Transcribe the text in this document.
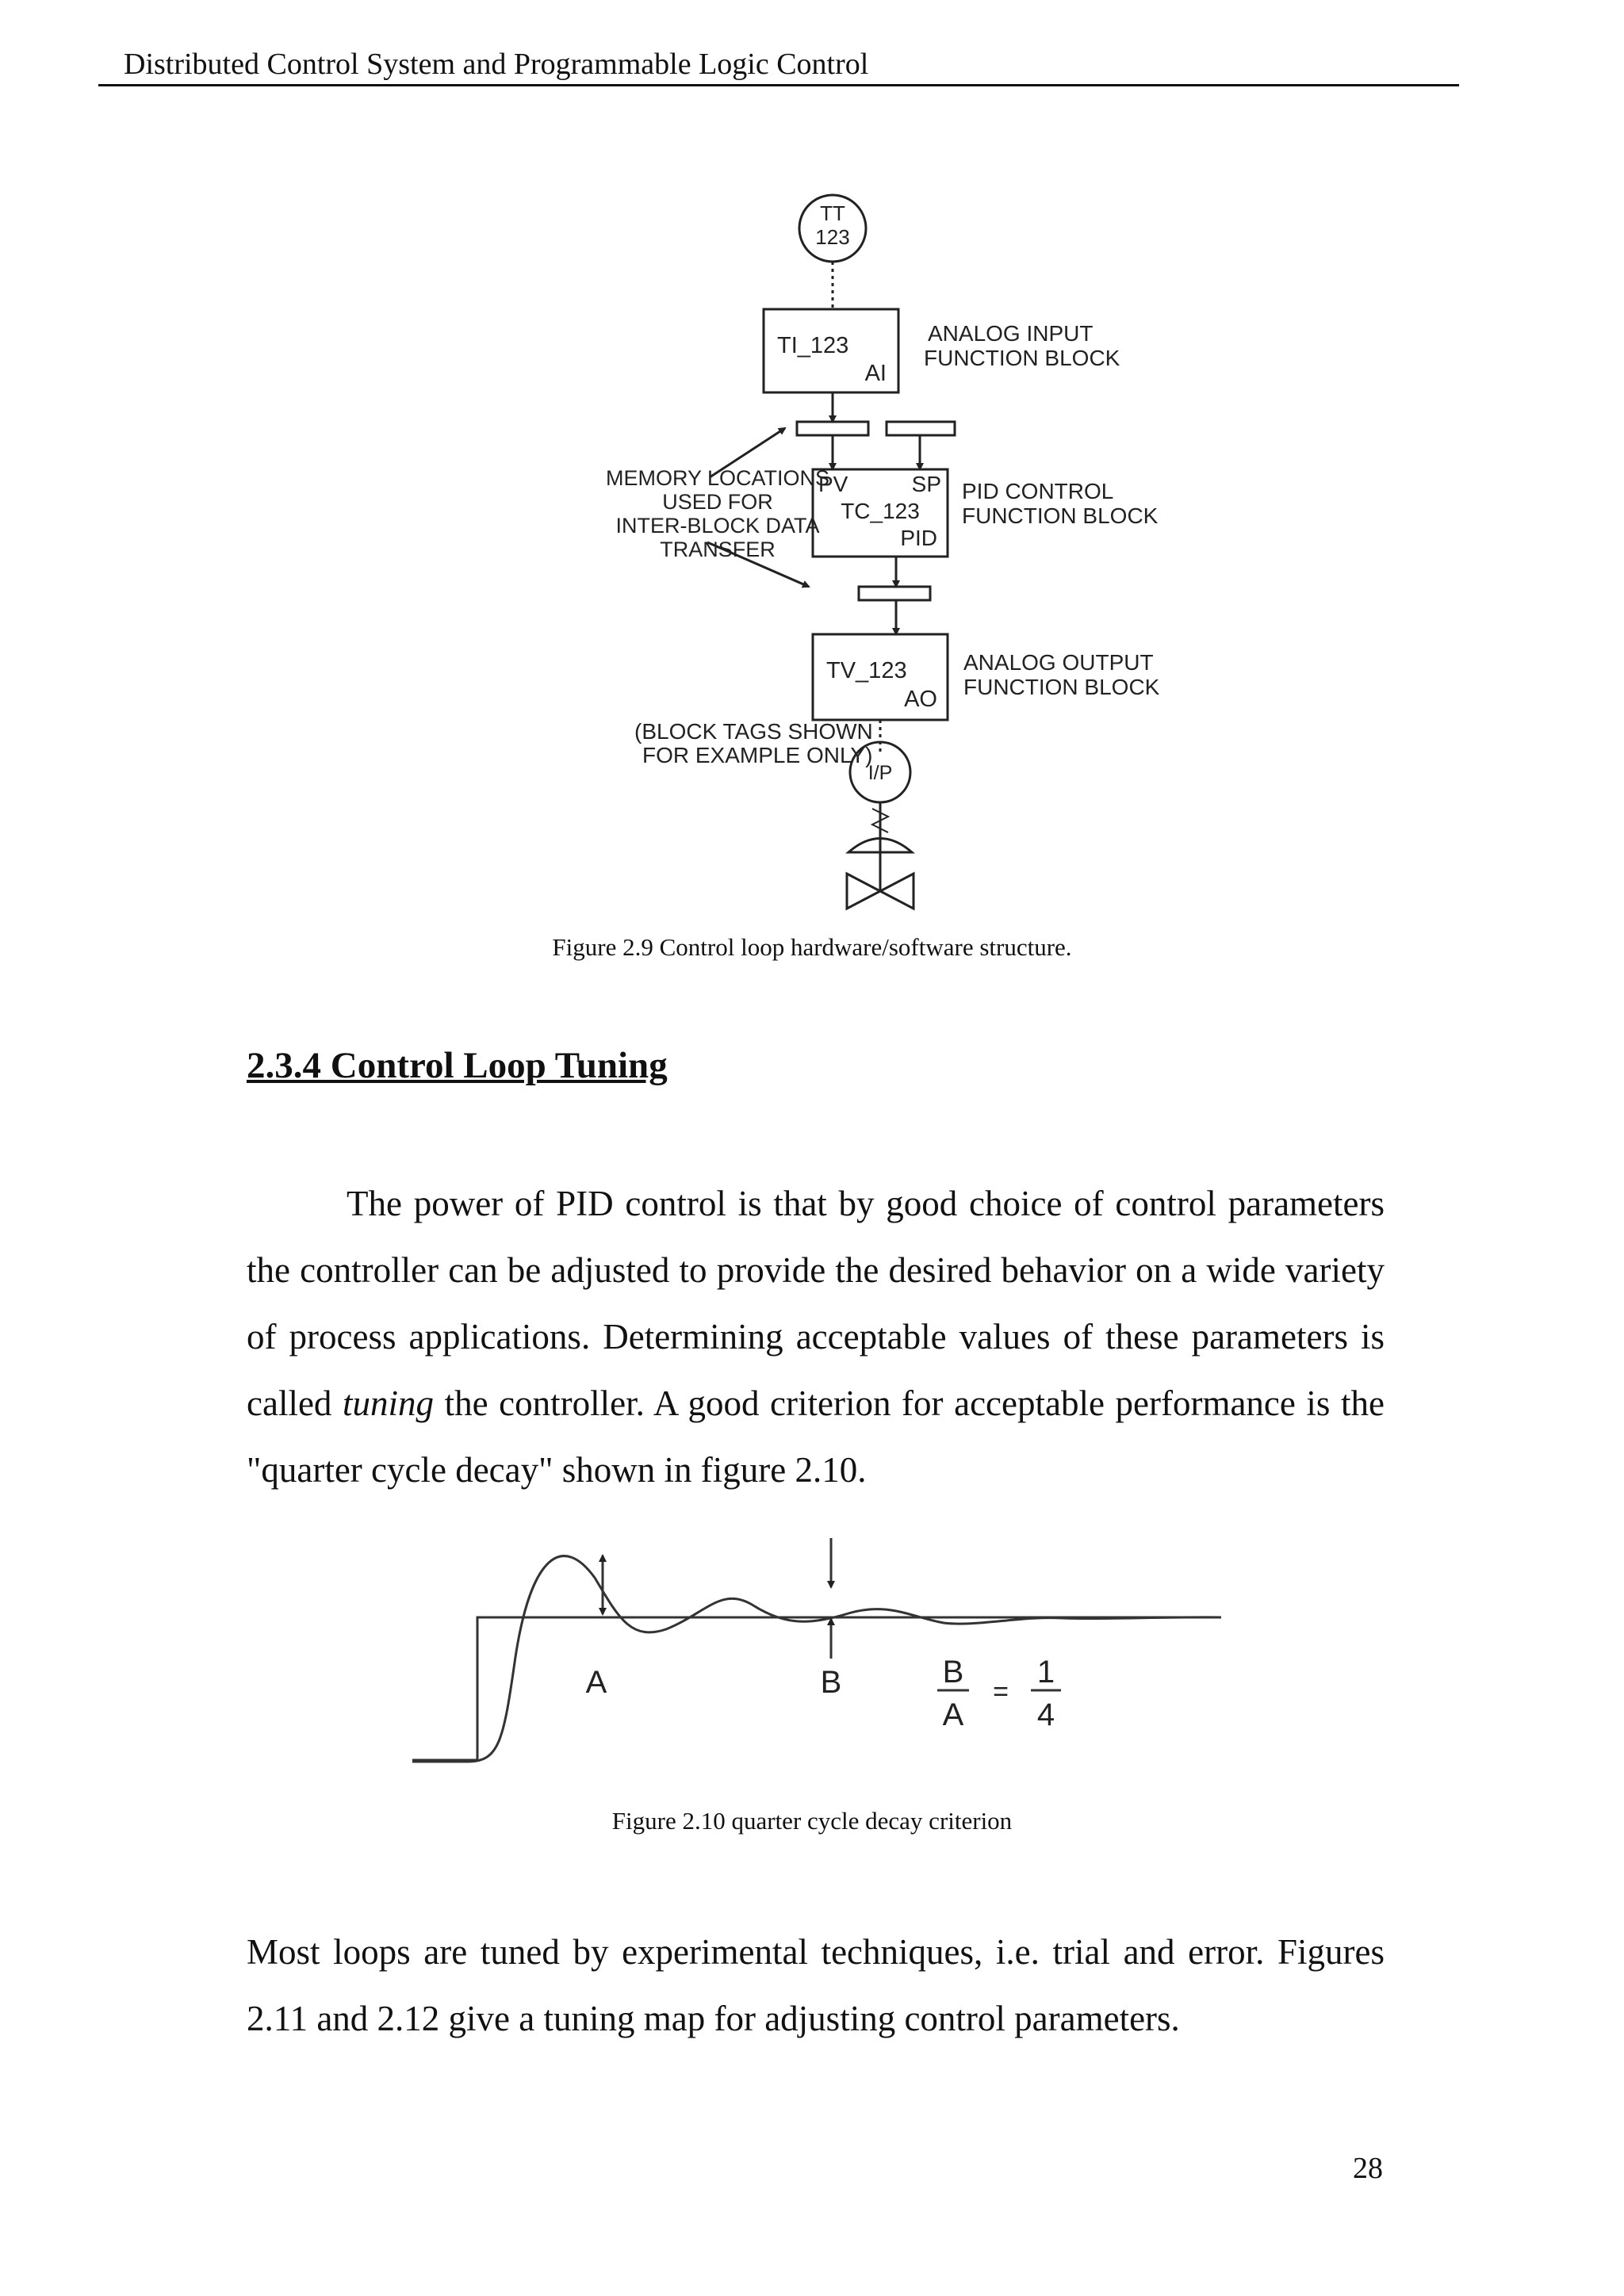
Distributed Control System and Programmable Logic Control
TT
123
TI_123
AI
ANALOG INPUT
FUNCTION BLOCK
MEMORY LOCATIONS
USED FOR
INTER-BLOCK DATA
TRANSFER
PV	SP
TC_123
PID
PID CONTROL
FUNCTION BLOCK
TV_123
AO
ANALOG OUTPUT
FUNCTION BLOCK
(BLOCK TAGS SHOWN
FOR EXAMPLE ONLY)
I/P
Figure 2.9 Control loop hardware/software structure.
2.3.4 Control Loop Tuning

The power of PID control is that by good choice of control parameters the controller can be adjusted to provide the desired behavior on a wide variety of process applications. Determining acceptable values of these parameters is called tuning the controller. A good criterion for acceptable performance is the "quarter cycle decay" shown in figure 2.10.

A	B	B
A
=
1
4
Figure 2.10 quarter cycle decay criterion

Most loops are tuned by experimental techniques, i.e. trial and error. Figures 2.11 and 2.12 give a tuning map for adjusting control parameters.

28
